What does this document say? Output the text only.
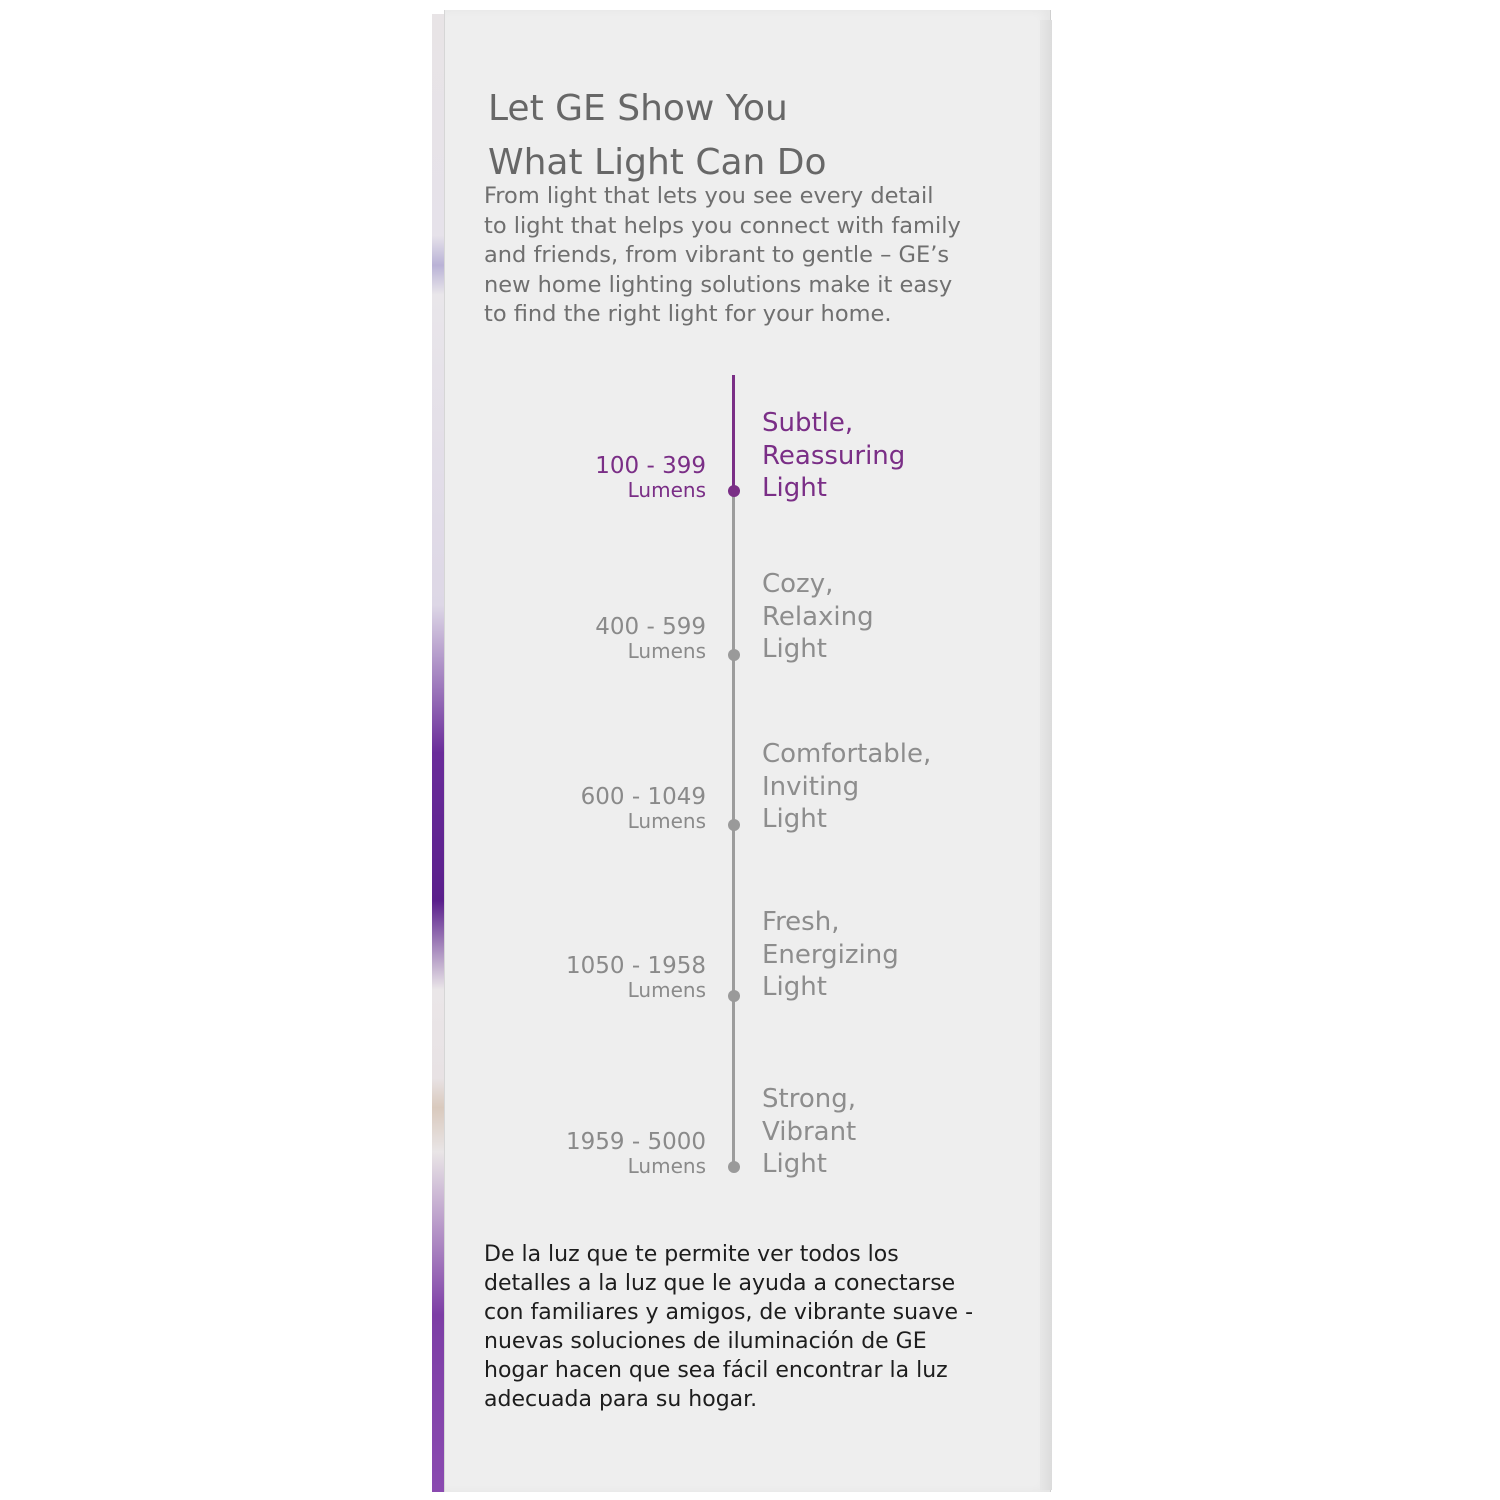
Let GE Show You
What Light Can Do

From light that lets you see every detail
to light that helps you connect with family
and friends, from vibrant to gentle – GE’s
new home lighting solutions make it easy
to find the right light for your home.

100 - 399
Lumens

Subtle,
Reassuring
Light

400 - 599
Lumens

Cozy,
Relaxing
Light

600 - 1049
Lumens

Comfortable,
Inviting
Light

1050 - 1958
Lumens

Fresh,
Energizing
Light

1959 - 5000
Lumens

Strong,
Vibrant
Light

De la luz que te permite ver todos los
detalles a la luz que le ayuda a conectarse
con familiares y amigos, de vibrante suave -
nuevas soluciones de iluminación de GE
hogar hacen que sea fácil encontrar la luz
adecuada para su hogar.
